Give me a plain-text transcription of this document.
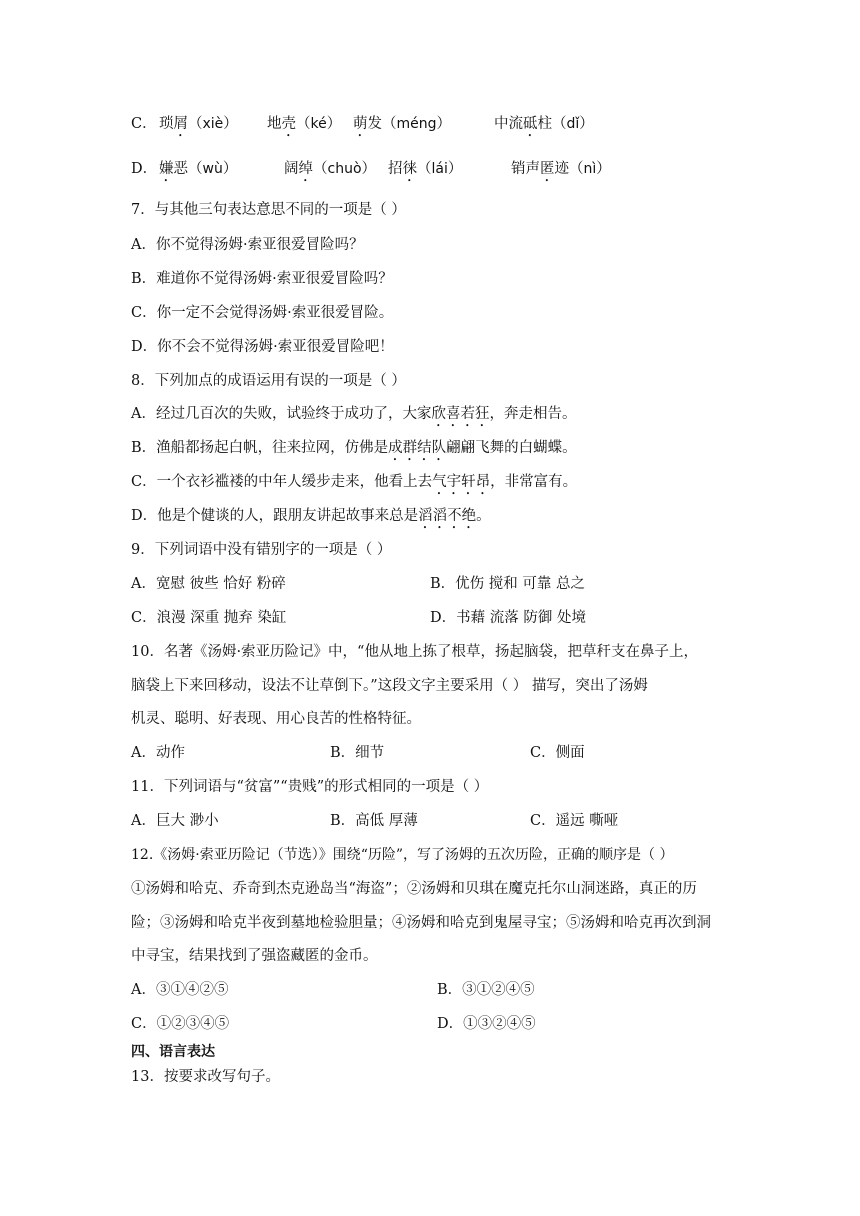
C． 琐屑（xiè） 地壳（ké） 萌发（méng）	中流砥柱（dǐ）
D． 嫌恶（wù）	阔绰（chuò） 招徕（lái）	销声匿迹（nì）
7．与其他三句表达意思不同的一项是（ ）
A．你不觉得汤姆·索亚很爱冒险吗？
B．难道你不觉得汤姆·索亚很爱冒险吗？
C．你一定不会觉得汤姆·索亚很爱冒险。
D．你不会不觉得汤姆·索亚很爱冒险吧！
8．下列加点的成语运用有误的一项是（ ）
A．经过几百次的失败，试验终于成功了，大家欣喜若狂，奔走相告。
B．渔船都扬起白帆，往来拉网，仿佛是成群结队翩翩飞舞的白蝴蝶。
C．一个衣衫褴褛的中年人缓步走来，他看上去气宇轩昂，非常富有。
D．他是个健谈的人，跟朋友讲起故事来总是滔滔不绝。
9．下列词语中没有错别字的一项是（ ）
A．宽慰 彼些 恰好 粉碎	B．优伤 搅和 可靠 总之
C．浪漫 深重 抛弃 染缸	D．书藉 流落 防御 处境
10．名著《汤姆·索亚历险记》中，“他从地上拣了根草，扬起脑袋，把草秆支在鼻子上，
脑袋上下来回移动，设法不让草倒下。”这段文字主要采用（ ） 描写，突出了汤姆
机灵、聪明、好表现、用心良苦的性格特征。
A．动作	B．细节	C．侧面
11．下列词语与“贫富”“贵贱”的形式相同的一项是（ ）
A．巨大 渺小	B．高低 厚薄	C．遥远 嘶哑
12.《汤姆·索亚历险记（节选）》围绕“历险”，写了汤姆的五次历险，正确的顺序是（ ）
①汤姆和哈克、乔奇到杰克逊岛当“海盗”；②汤姆和贝琪在魔克托尔山洞迷路，真正的历
险；③汤姆和哈克半夜到墓地检验胆量；④汤姆和哈克到鬼屋寻宝；⑤汤姆和哈克再次到洞
中寻宝，结果找到了强盗藏匿的金币。
A．③①④②⑤	B．③①②④⑤
C．①②③④⑤	D．①③②④⑤
四、语言表达
13．按要求改写句子。
